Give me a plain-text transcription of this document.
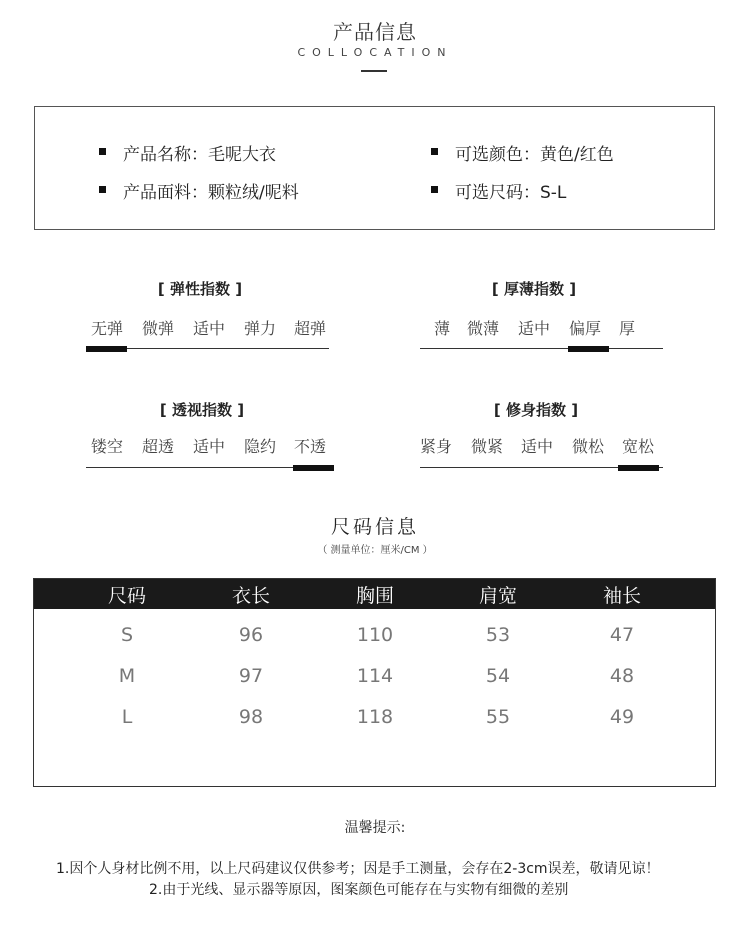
产品信息
COLLOCATION
产品名称：毛呢大衣
产品面料：颗粒绒/呢料
可选颜色：黄色/红色
可选尺码：S-L
[ 弹性指数 ]
无弹 微弹 适中 弹力 超弹
[ 厚薄指数 ]
薄 微薄 适中 偏厚 厚
[ 透视指数 ]
镂空 超透 适中 隐约 不透
[ 修身指数 ]
紧身 微紧 适中 微松 宽松
尺码信息
（ 测量单位：厘米/CM ）
尺码	衣长	胸围	肩宽	袖长
S	96	110	53	47
M	97	114	54	48
L	98	118	55	49
温馨提示:
1.因个人身材比例不用，以上尺码建议仅供参考；因是手工测量，会存在2-3cm误差，敬请见谅！
2.由于光线、显示器等原因，图案颜色可能存在与实物有细微的差别
